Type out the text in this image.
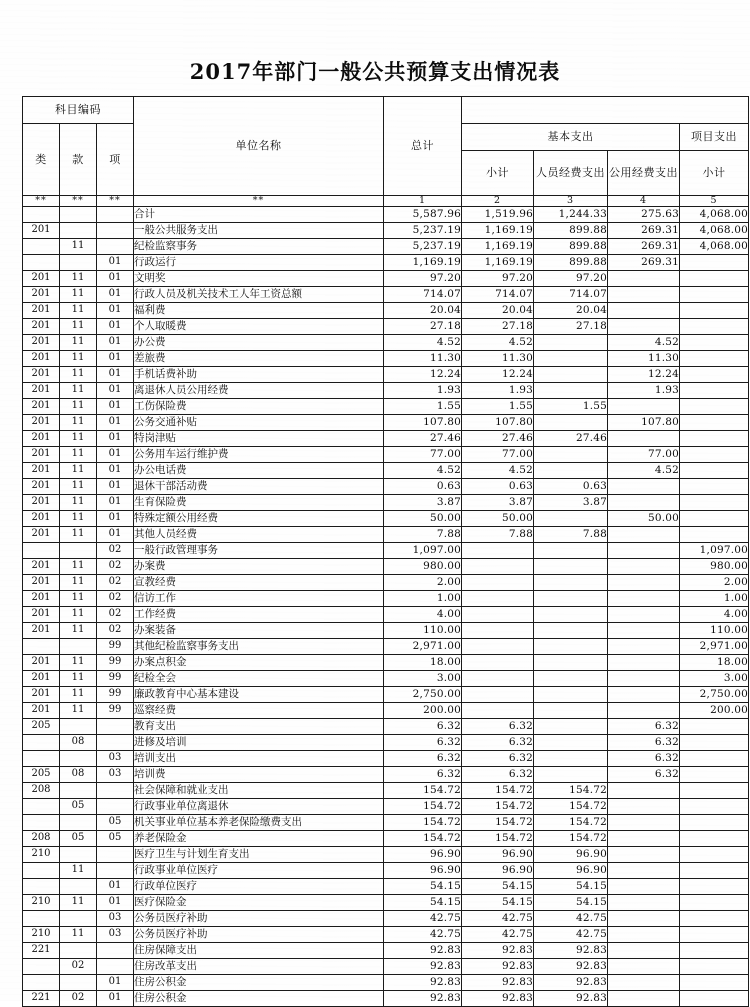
2017年部门一般公共预算支出情况表
科目编码			单位名称	总计				
类	款	项			基本支出			项目支出
					小计	人员经费支出	公用经费支出	小计
**	**	**	**	1	2	3	4	5
			合计	5,587.96	1,519.96	1,244.33	275.63	4,068.00
201			一般公共服务支出	5,237.19	1,169.19	899.88	269.31	4,068.00
	11		纪检监察事务	5,237.19	1,169.19	899.88	269.31	4,068.00
		01	行政运行	1,169.19	1,169.19	899.88	269.31	
201	11	01	文明奖	97.20	97.20	97.20		
201	11	01	行政人员及机关技术工人年工资总额	714.07	714.07	714.07		
201	11	01	福利费	20.04	20.04	20.04		
201	11	01	个人取暖费	27.18	27.18	27.18		
201	11	01	办公费	4.52	4.52		4.52	
201	11	01	差旅费	11.30	11.30		11.30	
201	11	01	手机话费补助	12.24	12.24		12.24	
201	11	01	离退休人员公用经费	1.93	1.93		1.93	
201	11	01	工伤保险费	1.55	1.55	1.55		
201	11	01	公务交通补贴	107.80	107.80		107.80	
201	11	01	特岗津贴	27.46	27.46	27.46		
201	11	01	公务用车运行维护费	77.00	77.00		77.00	
201	11	01	办公电话费	4.52	4.52		4.52	
201	11	01	退休干部活动费	0.63	0.63	0.63		
201	11	01	生育保险费	3.87	3.87	3.87		
201	11	01	特殊定额公用经费	50.00	50.00		50.00	
201	11	01	其他人员经费	7.88	7.88	7.88		
		02	一般行政管理事务	1,097.00				1,097.00
201	11	02	办案费	980.00				980.00
201	11	02	宣教经费	2.00				2.00
201	11	02	信访工作	1.00				1.00
201	11	02	工作经费	4.00				4.00
201	11	02	办案装备	110.00				110.00
		99	其他纪检监察事务支出	2,971.00				2,971.00
201	11	99	办案点积金	18.00				18.00
201	11	99	纪检全会	3.00				3.00
201	11	99	廉政教育中心基本建设	2,750.00				2,750.00
201	11	99	巡察经费	200.00				200.00
205			教育支出	6.32	6.32		6.32	
	08		进修及培训	6.32	6.32		6.32	
		03	培训支出	6.32	6.32		6.32	
205	08	03	培训费	6.32	6.32		6.32	
208			社会保障和就业支出	154.72	154.72	154.72		
	05		行政事业单位离退休	154.72	154.72	154.72		
		05	机关事业单位基本养老保险缴费支出	154.72	154.72	154.72		
208	05	05	养老保险金	154.72	154.72	154.72		
210			医疗卫生与计划生育支出	96.90	96.90	96.90		
	11		行政事业单位医疗	96.90	96.90	96.90		
		01	行政单位医疗	54.15	54.15	54.15		
210	11	01	医疗保险金	54.15	54.15	54.15		
		03	公务员医疗补助	42.75	42.75	42.75		
210	11	03	公务员医疗补助	42.75	42.75	42.75		
221			住房保障支出	92.83	92.83	92.83		
	02		住房改革支出	92.83	92.83	92.83		
		01	住房公积金	92.83	92.83	92.83		
221	02	01	住房公积金	92.83	92.83	92.83		
